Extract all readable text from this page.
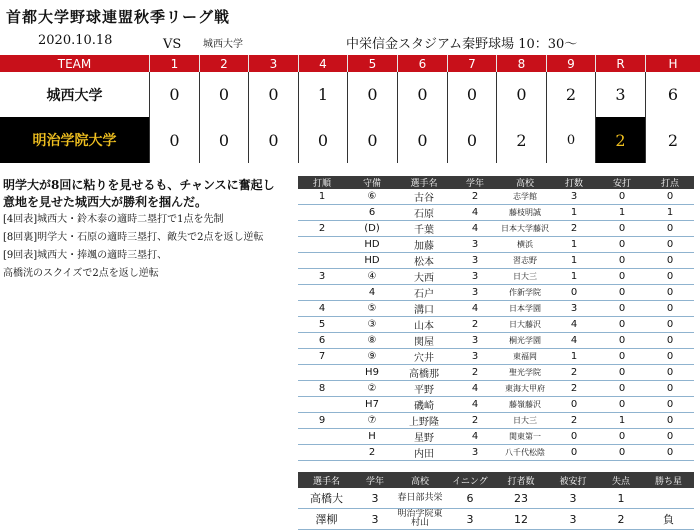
首都大学野球連盟秋季リーグ戦
2020.10.18	VS 城西大学	中栄信金スタジアム秦野球場 10：30～
TEAM	1	2	3	4	5	6	7	8	9	R	H
城西大学	0	0	0	1	0	0	0	0	2	3	6
明治学院大学	0	0	0	0	0	0	0	2	0	2	2

明学大が8回に粘りを見せるも、チャンスに奮起し

意地を見せた城西大が勝利を掴んだ。

[4回表]城西大・鈴木泰の適時二塁打で1点を先制

[8回裏]明学大・石原の適時三塁打、敵失で2点を返し逆転

[9回表]城西大・捧颯の適時三塁打、

高橋洸のスクイズで2点を返し逆転

打順	守備	選手名	学年	高校	打数	安打	打点
1	⑥	古谷	2	志学館	3	0	0
	6	石原	4	藤枝明誠	1	1	1
2	(D)	千葉	4	日本大学藤沢	2	0	0
	HD	加藤	3	横浜	1	0	0
	HD	松本	3	習志野	1	0	0
3	④	大西	3	日大三	1	0	0
	4	石户	3	作新学院	0	0	0
4	⑤	溝口	4	日本学園	3	0	0
5	③	山本	2	日大藤沢	4	0	0
6	⑧	関屋	3	桐光学園	4	0	0
7	⑨	穴井	3	東福岡	1	0	0
	H9	高橋那	2	聖光学院	2	0	0
8	②	平野	4	東海大甲府	2	0	0
	H7	磯崎	4	藤嶺藤沢	0	0	0
9	⑦	上野隆	2	日大三	2	1	0
	H	星野	4	関東第一	0	0	0
	2	内田	3	八千代松陰	0	0	0
選手名	学年	高校	イニング	打者数	被安打	失点	勝ち星
高橋大	3	春日部共栄	6	23	3	1	
澤柳	3	明治学院東村山	3	12	3	2	負
